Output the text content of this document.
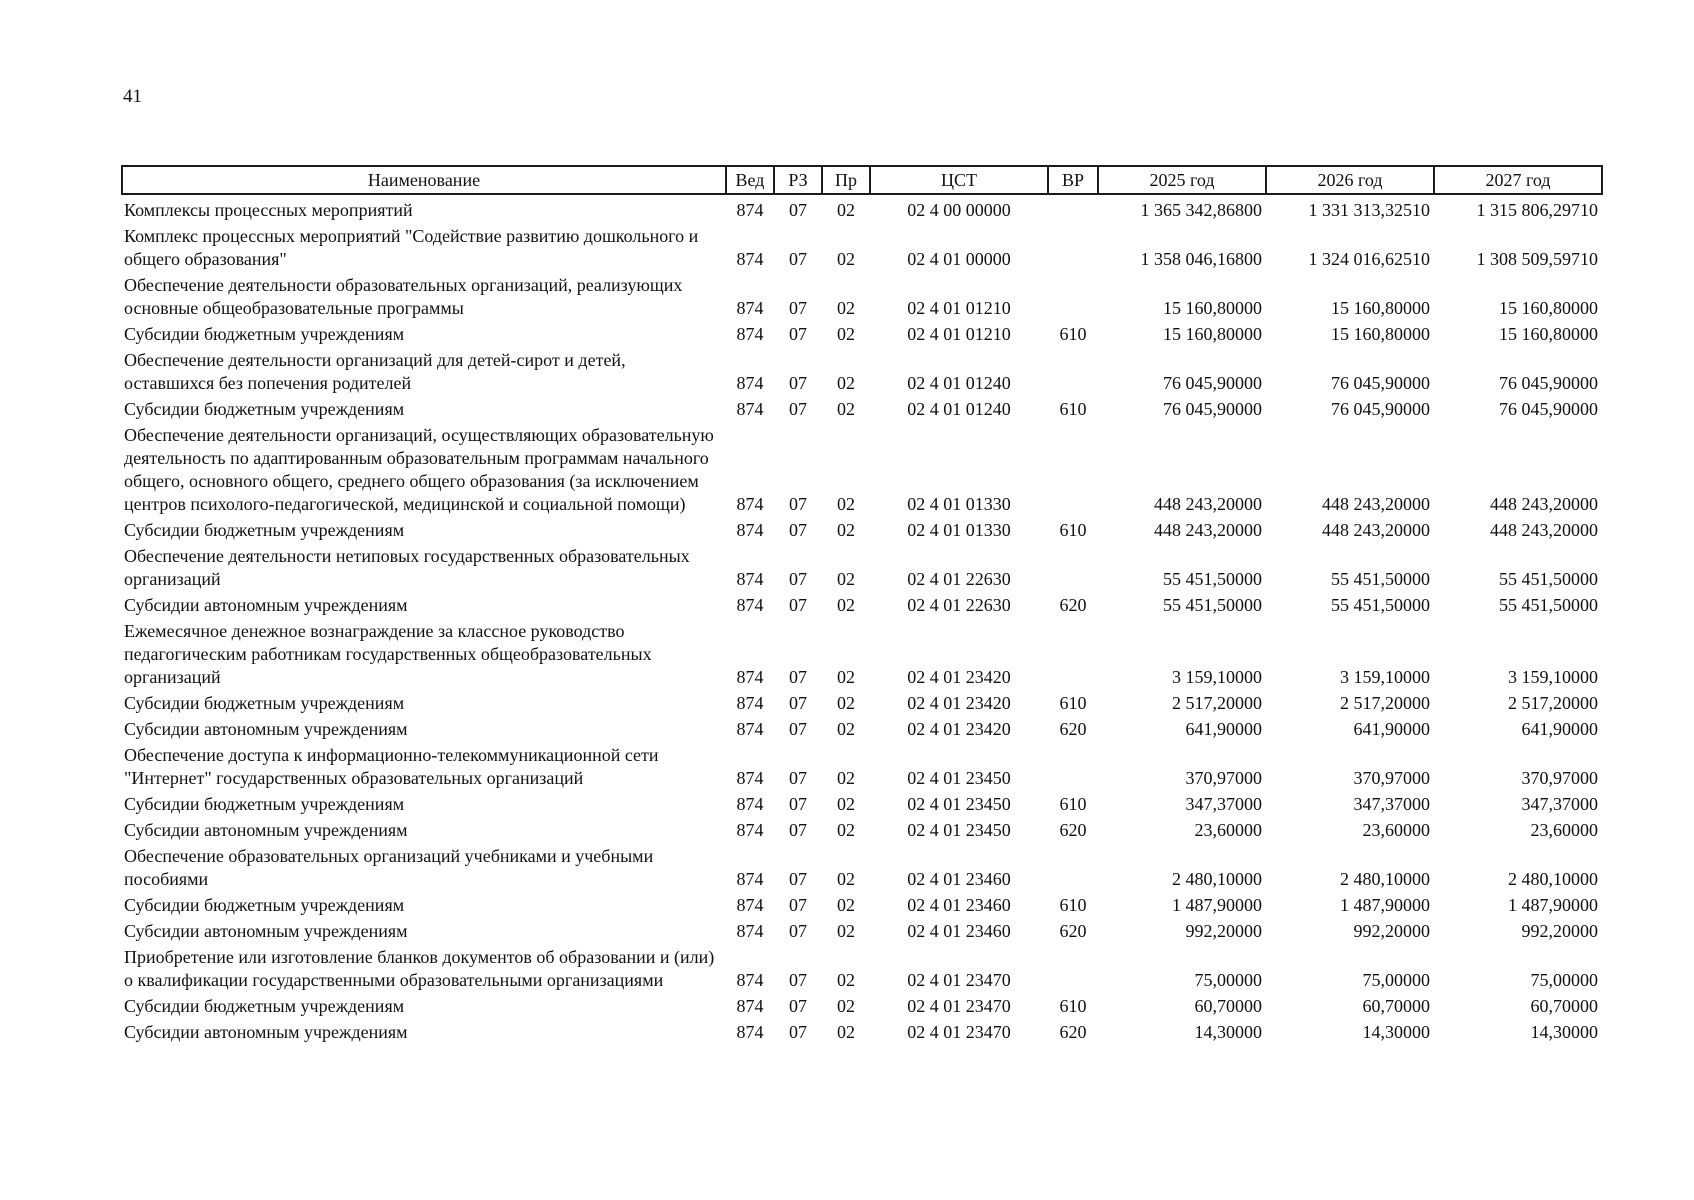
41
Наименование	Вед	РЗ	Пр	ЦСТ	ВР	2025 год	2026 год	2027 год
Комплексы процессных мероприятий	874	07	02	02 4 00 00000		1 365 342,86800	1 331 313,32510	1 315 806,29710
Комплекс процессных мероприятий "Содействие развитию дошкольного и общего образования"	874	07	02	02 4 01 00000		1 358 046,16800	1 324 016,62510	1 308 509,59710
Обеспечение деятельности образовательных организаций, реализующих основные общеобразовательные программы	874	07	02	02 4 01 01210		15 160,80000	15 160,80000	15 160,80000
Субсидии бюджетным учреждениям	874	07	02	02 4 01 01210	610	15 160,80000	15 160,80000	15 160,80000
Обеспечение деятельности организаций для детей-сирот и детей, оставшихся без попечения родителей	874	07	02	02 4 01 01240		76 045,90000	76 045,90000	76 045,90000
Субсидии бюджетным учреждениям	874	07	02	02 4 01 01240	610	76 045,90000	76 045,90000	76 045,90000
Обеспечение деятельности организаций, осуществляющих образовательную деятельность по адаптированным образовательным программам начального общего, основного общего, среднего общего образования (за исключением центров психолого-педагогической, медицинской и социальной помощи)	874	07	02	02 4 01 01330		448 243,20000	448 243,20000	448 243,20000
Субсидии бюджетным учреждениям	874	07	02	02 4 01 01330	610	448 243,20000	448 243,20000	448 243,20000
Обеспечение деятельности нетиповых государственных образовательных организаций	874	07	02	02 4 01 22630		55 451,50000	55 451,50000	55 451,50000
Субсидии автономным учреждениям	874	07	02	02 4 01 22630	620	55 451,50000	55 451,50000	55 451,50000
Ежемесячное денежное вознаграждение за классное руководство педагогическим работникам государственных общеобразовательных организаций	874	07	02	02 4 01 23420		3 159,10000	3 159,10000	3 159,10000
Субсидии бюджетным учреждениям	874	07	02	02 4 01 23420	610	2 517,20000	2 517,20000	2 517,20000
Субсидии автономным учреждениям	874	07	02	02 4 01 23420	620	641,90000	641,90000	641,90000
Обеспечение доступа к информационно-телекоммуникационной сети "Интернет" государственных образовательных организаций	874	07	02	02 4 01 23450		370,97000	370,97000	370,97000
Субсидии бюджетным учреждениям	874	07	02	02 4 01 23450	610	347,37000	347,37000	347,37000
Субсидии автономным учреждениям	874	07	02	02 4 01 23450	620	23,60000	23,60000	23,60000
Обеспечение образовательных организаций учебниками и учебными пособиями	874	07	02	02 4 01 23460		2 480,10000	2 480,10000	2 480,10000
Субсидии бюджетным учреждениям	874	07	02	02 4 01 23460	610	1 487,90000	1 487,90000	1 487,90000
Субсидии автономным учреждениям	874	07	02	02 4 01 23460	620	992,20000	992,20000	992,20000
Приобретение или изготовление бланков документов об образовании и (или) о квалификации государственными образовательными организациями	874	07	02	02 4 01 23470		75,00000	75,00000	75,00000
Субсидии бюджетным учреждениям	874	07	02	02 4 01 23470	610	60,70000	60,70000	60,70000
Субсидии автономным учреждениям	874	07	02	02 4 01 23470	620	14,30000	14,30000	14,30000
